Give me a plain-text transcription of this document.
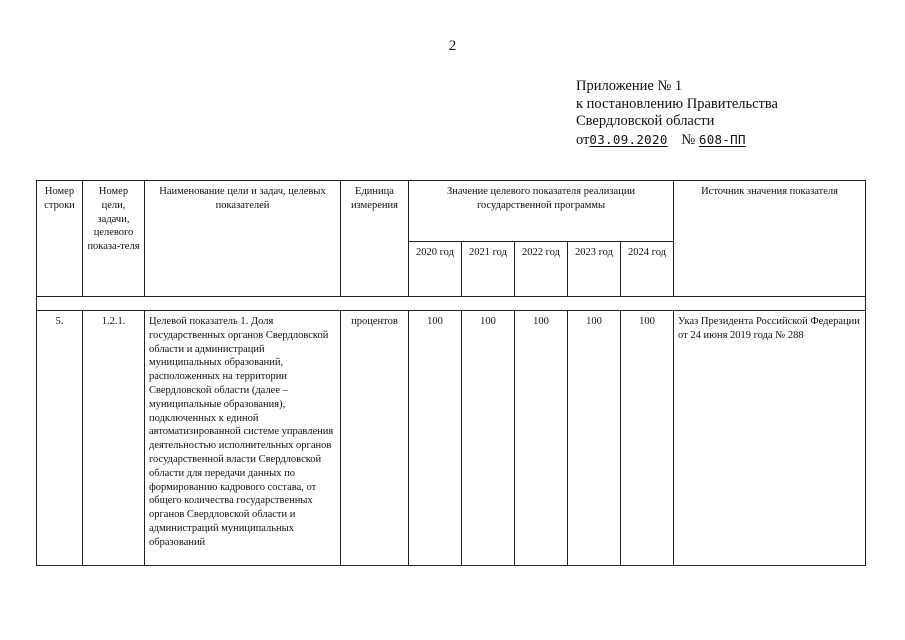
2
Приложение № 1
к постановлению Правительства
Свердловской области
от03.09.2020 № 608-ПП
Номер строки	Номер цели, задачи, целевого показа-теля	Наименование цели и задач, целевых показателей	Единица измерения	Значение целевого показателя реализации государственной программы					Источник значения показателя
				2020 год	2021 год	2022 год	2023 год	2024 год	

5.	1.2.1.	Целевой показатель 1. Доля государственных органов Свердловской области и администраций муниципальных образований, расположенных на территории Свердловской области (далее – муниципальные образования), подключенных к единой автоматизированной системе управления деятельностью исполнительных органов государственной власти Свердловской области для передачи данных по формированию кадрового состава, от общего количества государственных органов Свердловской области и администраций муниципальных образований	процентов	100	100	100	100	100	Указ Президента Российской Федерации от 24 июня 2019 года № 288
